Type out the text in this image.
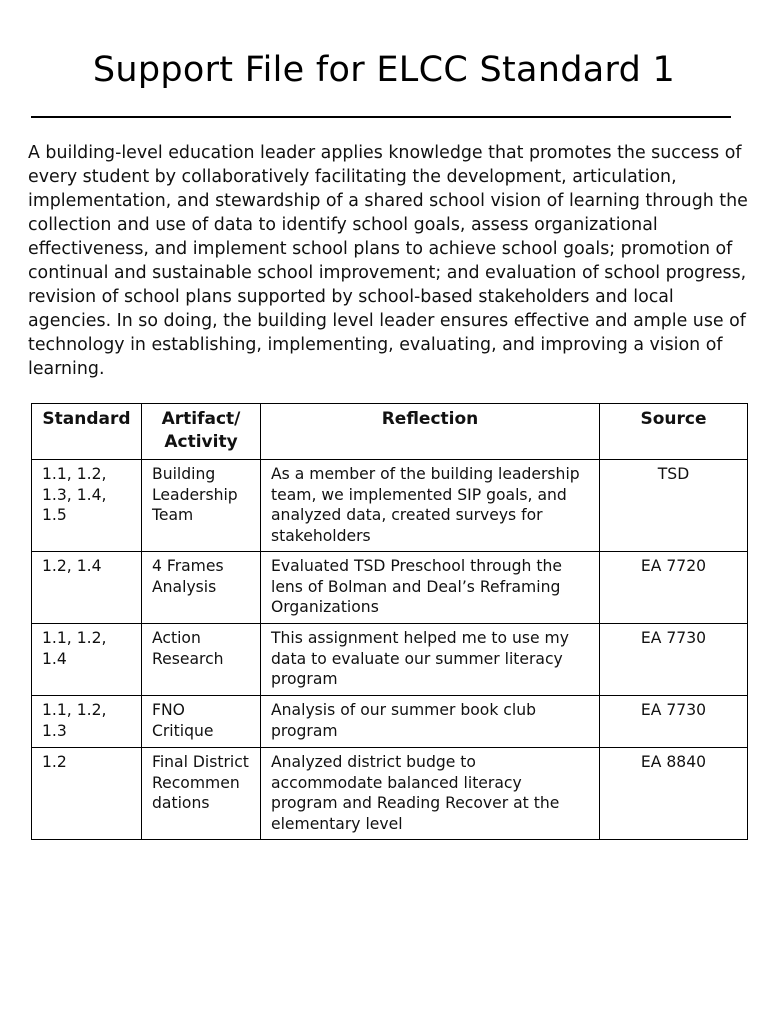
Support File for ELCC Standard 1

A building-level education leader applies knowledge that promotes the success of every student by collaboratively facilitating the development, articulation, implementation, and stewardship of a shared school vision of learning through the collection and use of data to identify school goals, assess organizational effectiveness, and implement school plans to achieve school goals; promotion of continual and sustainable school improvement; and evaluation of school progress, revision of school plans supported by school-based stakeholders and local agencies. In so doing, the building level leader ensures effective and ample use of technology in establishing, implementing, evaluating, and improving a vision of learning.

Standard	Artifact/ Activity	Reflection	Source
1.1, 1.2, 1.3, 1.4, 1.5	Building Leadership Team	As a member of the building leadership team, we implemented SIP goals, and analyzed data, created surveys for stakeholders	TSD
1.2, 1.4	4 Frames Analysis	Evaluated TSD Preschool through the lens of Bolman and Deal’s Reframing Organizations	EA 7720
1.1, 1.2, 1.4	Action Research	This assignment helped me to use my data to evaluate our summer literacy program	EA 7730
1.1, 1.2, 1.3	FNO Critique	Analysis of our summer book club program	EA 7730
1.2	Final District Recommen dations	Analyzed district budge to accommodate balanced literacy program and Reading Recover at the elementary level	EA 8840
